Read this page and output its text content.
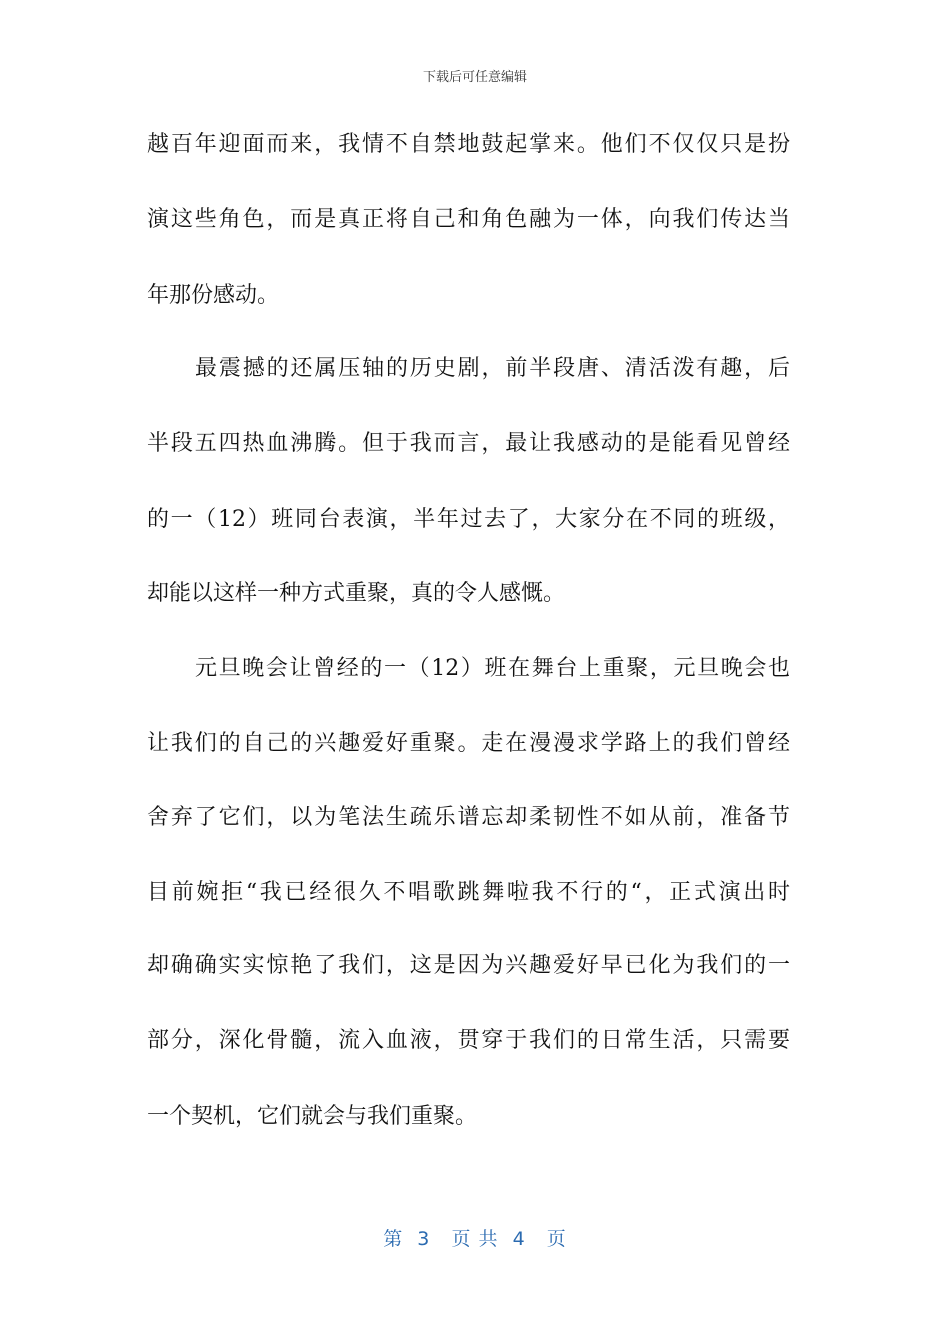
下载后可任意编辑
越百年迎面而来，我情不自禁地鼓起掌来。他们不仅仅只是扮
演这些角色，而是真正将自己和角色融为一体，向我们传达当
年那份感动。
最震撼的还属压轴的历史剧，前半段唐、清活泼有趣，后
半段五四热血沸腾。但于我而言，最让我感动的是能看见曾经
的一（12）班同台表演，半年过去了，大家分在不同的班级，
却能以这样一种方式重聚，真的令人感慨。
元旦晚会让曾经的一（12）班在舞台上重聚，元旦晚会也
让我们的自己的兴趣爱好重聚。走在漫漫求学路上的我们曾经
舍弃了它们，以为笔法生疏乐谱忘却柔韧性不如从前，准备节
目前婉拒“我已经很久不唱歌跳舞啦我不行的“，正式演出时
却确确实实惊艳了我们，这是因为兴趣爱好早已化为我们的一
部分，深化骨髓，流入血液，贯穿于我们的日常生活，只需要
一个契机，它们就会与我们重聚。
第  3   页 共  4   页
